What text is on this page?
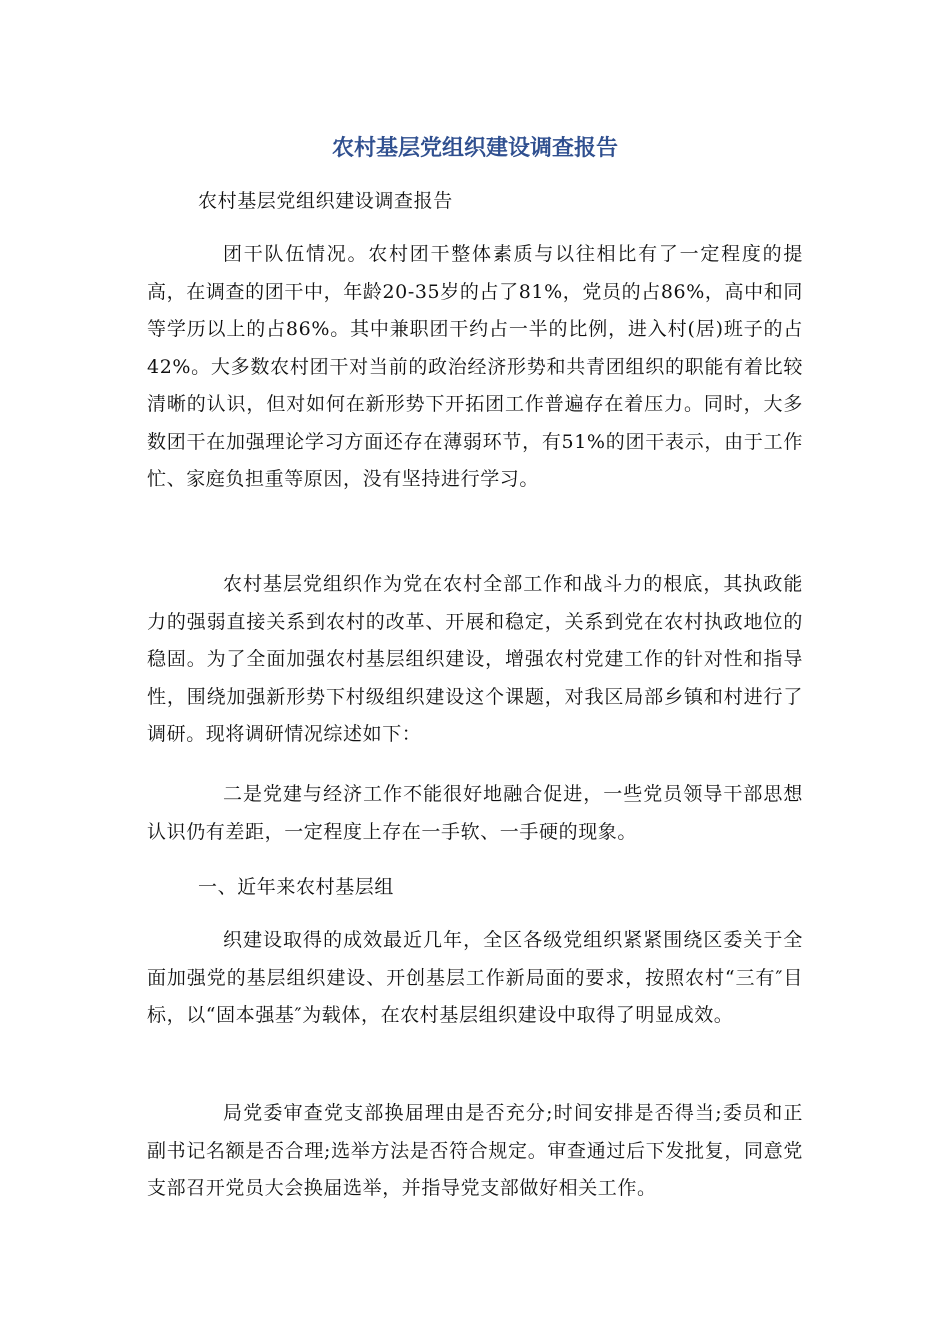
农村基层党组织建设调查报告

农村基层党组织建设调查报告

团干队伍情况。农村团干整体素质与以往相比有了一定程度的提高，在调查的团干中，年龄20-35岁的占了81%，党员的占86%，高中和同等学历以上的占86%。其中兼职团干约占一半的比例，进入村(居)班子的占42%。大多数农村团干对当前的政治经济形势和共青团组织的职能有着比较清晰的认识，但对如何在新形势下开拓团工作普遍存在着压力。同时，大多数团干在加强理论学习方面还存在薄弱环节，有51%的团干表示，由于工作忙、家庭负担重等原因，没有坚持进行学习。

农村基层党组织作为党在农村全部工作和战斗力的根底，其执政能力的强弱直接关系到农村的改革、开展和稳定，关系到党在农村执政地位的稳固。为了全面加强农村基层组织建设，增强农村党建工作的针对性和指导性，围绕加强新形势下村级组织建设这个课题，对我区局部乡镇和村进行了调研。现将调研情况综述如下：

二是党建与经济工作不能很好地融合促进，一些党员领导干部思想认识仍有差距，一定程度上存在一手软、一手硬的现象。

一、近年来农村基层组

织建设取得的成效最近几年，全区各级党组织紧紧围绕区委关于全面加强党的基层组织建设、开创基层工作新局面的要求，按照农村“三有″目标，以“固本强基″为载体，在农村基层组织建设中取得了明显成效。

局党委审查党支部换届理由是否充分;时间安排是否得当;委员和正副书记名额是否合理;选举方法是否符合规定。审查通过后下发批复，同意党支部召开党员大会换届选举，并指导党支部做好相关工作。
